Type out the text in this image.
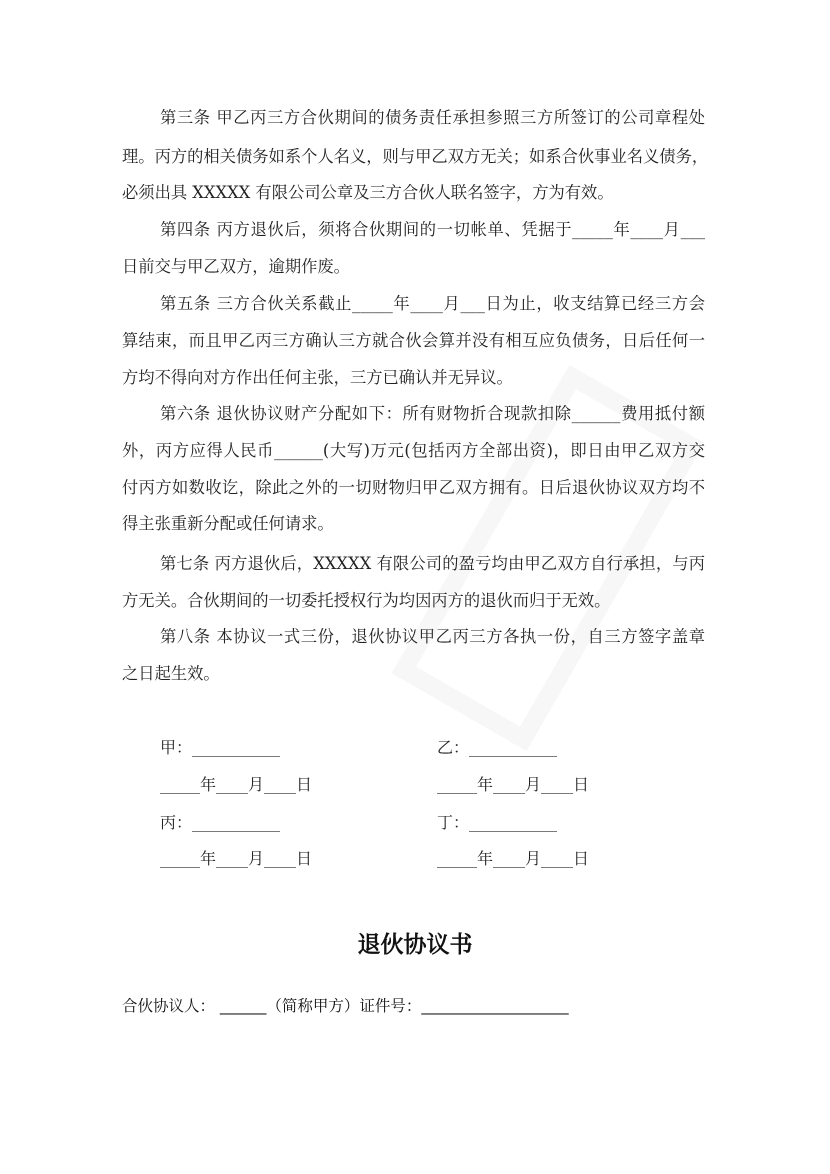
第三条 甲乙丙三方合伙期间的债务责任承担参照三方所签订的公司章程处
理。丙方的相关债务如系个人名义，则与甲乙双方无关；如系合伙事业名义债务，
必须出具 XXXXX 有限公司公章及三方合伙人联名签字，方为有效。
第四条 丙方退伙后，须将合伙期间的一切帐单、凭据于_____年____月___
日前交与甲乙双方，逾期作废。
第五条 三方合伙关系截止_____年____月___日为止，收支结算已经三方会
算结束，而且甲乙丙三方确认三方就合伙会算并没有相互应负债务，日后任何一
方均不得向对方作出任何主张，三方已确认并无异议。
第六条 退伙协议财产分配如下：所有财物折合现款扣除______费用抵付额
外，丙方应得人民币______(大写)万元(包括丙方全部出资)，即日由甲乙双方交
付丙方如数收讫，除此之外的一切财物归甲乙双方拥有。日后退伙协议双方均不
得主张重新分配或任何请求。
第七条 丙方退伙后，XXXXX 有限公司的盈亏均由甲乙双方自行承担，与丙
方无关。合伙期间的一切委托授权行为均因丙方的退伙而归于无效。
第八条 本协议一式三份，退伙协议甲乙丙三方各执一份，自三方签字盖章
之日起生效。
甲：___________	乙：___________
_____年____月____日	_____年____月____日
丙：___________	丁：___________
_____年____月____日	_____年____月____日
退伙协议书
合伙协议人： ______（简称甲方）证件号：___________________
